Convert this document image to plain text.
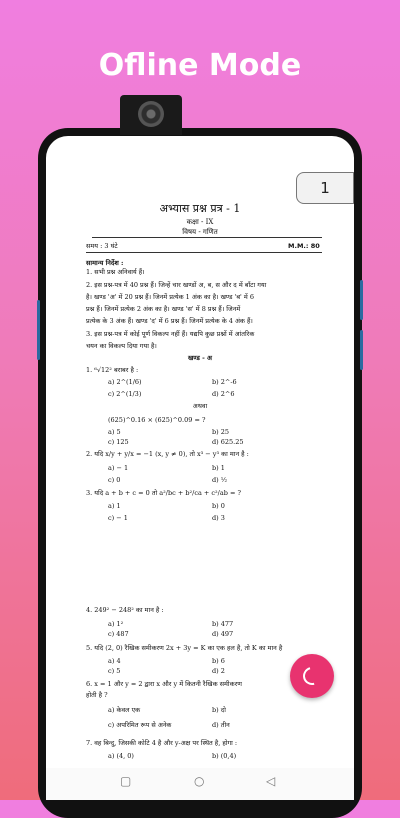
Ofline Mode
अभ्यास प्रश्न प्रत्र - 1
कक्षा - IX
विषय - गणित
समय : 3 घंटे	M.M.: 80
सामान्य निर्देश :
1. सभी प्रश्न अनिवार्य हैं।
2. इस प्रश्न-पत्र में 40 प्रश्न हैं। जिन्हें चार खण्डों अ, ब, स और द में बाँटा गया
है। खण्ड 'अ' में 20 प्रश्न हैं। जिनमें प्रत्येक 1 अंक का है। खण्ड 'ब' में 6
प्रश्न हैं। जिनमें प्रत्येक 2 अंक का है। खण्ड 'स' में 8 प्रश्न हैं। जिनमें
प्रत्येक के 3 अंक हैं। खण्ड 'द' में 6 प्रश्न हैं। जिनमें प्रत्येक के 4 अंक हैं।
3. इस प्रश्न-पत्र में कोई पूर्ण विकल्प नहीं हैं। यद्यपि कुछ प्रश्नों में आंतरिक
चयन का विकल्प दिया गया है।
खण्ड - अ
1. ⁶√12² बराबर है :
a) 2^(1/6)	b) 2^-6
c) 2^(1/3)	d) 2^6
अथवा
(625)^0.16 × (625)^0.09 = ?
a) 5	b) 25
c) 125	d) 625.25
2. यदि x/y + y/x = −1 (x, y ≠ 0), तो x³ − y³ का मान है :
a) − 1	b) 1
c) 0	d) ½
3. यदि a + b + c = 0 तो a²/bc + b²/ca + c²/ab = ?
a) 1	b) 0
c) − 1	d) 3
4. 249² − 248² का मान है :
a) 1²	b) 477
c) 487	d) 497
5. यदि (2, 0) रैखिक समीकरण 2x + 3y = K का एक हल है, तो K का मान है
a) 4	b) 6
c) 5	d) 2
6. x = 1 और y = 2 द्वारा x और y में कितनी रैखिक समीकरण
होती है ?
a) केवल एक	b) दो
c) अपरिमित रूप से अनेक	d) तीन
7. वह बिन्दु, जिसकी कोटि 4 है और y-अक्ष पर स्थित है, होगा :
a) (4, 0)	b) (0,4)
1
▢	○	◁
